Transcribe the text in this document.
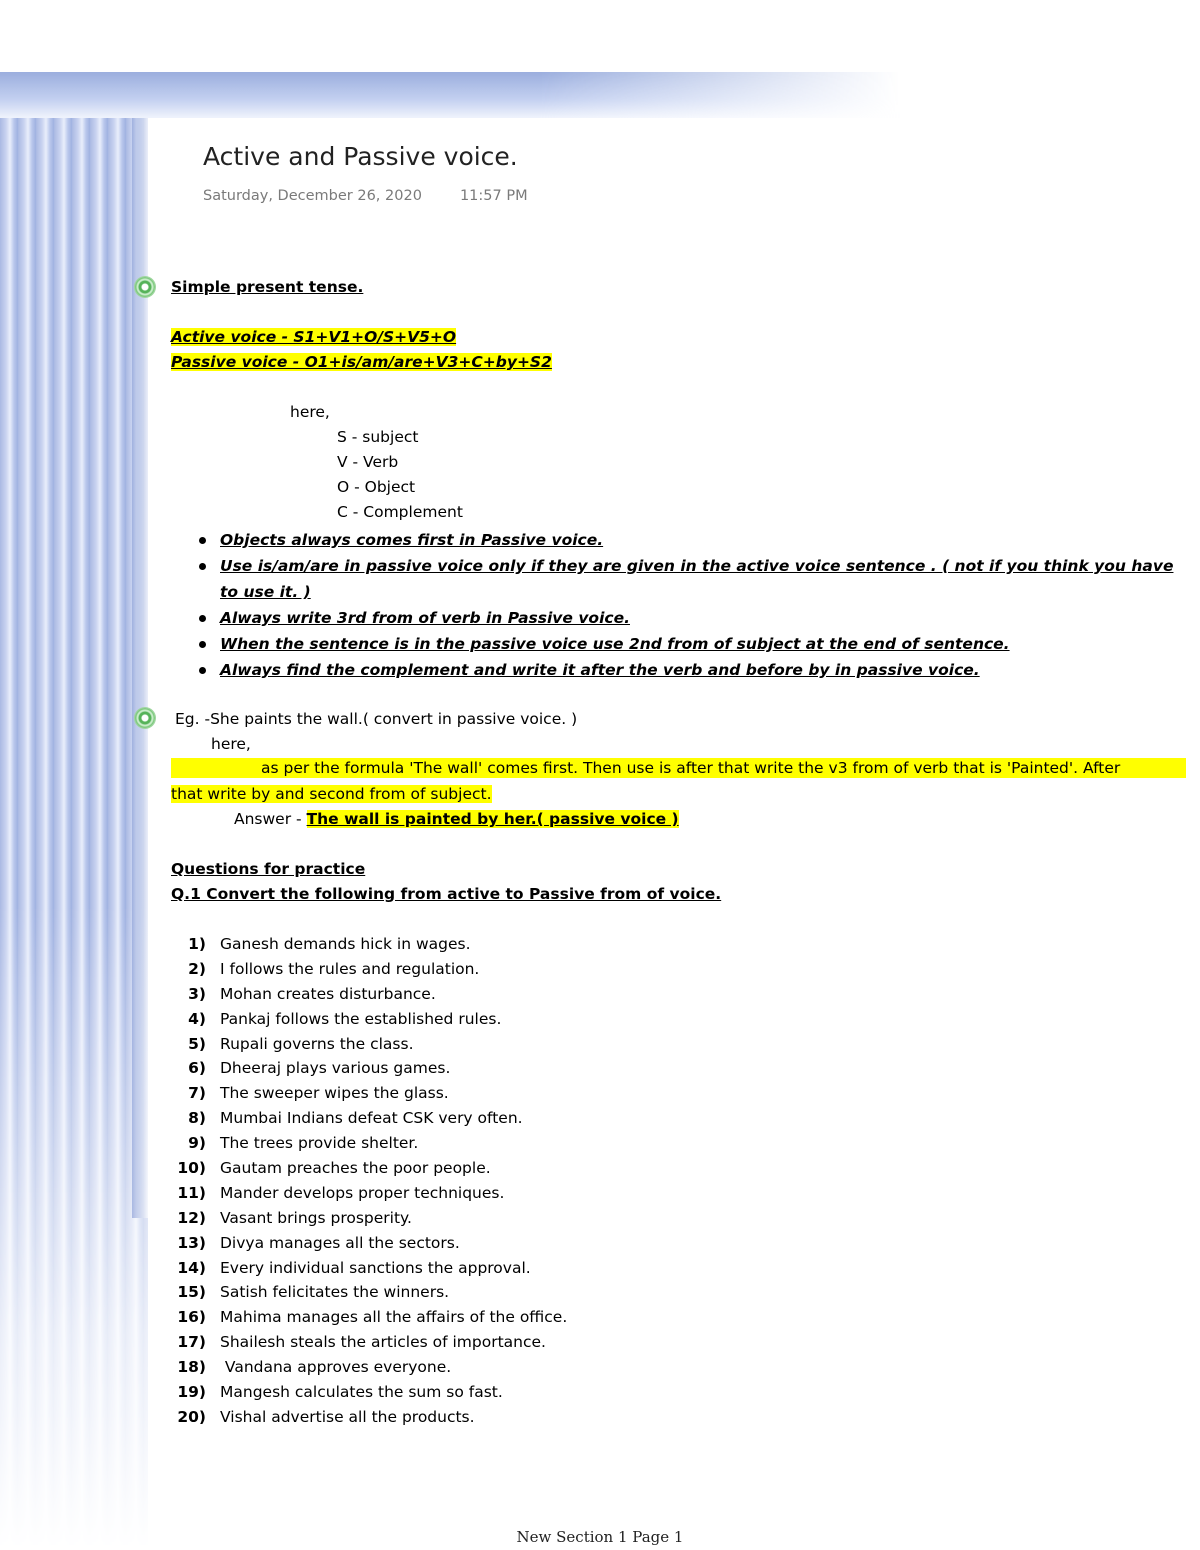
Active and Passive voice.
Saturday, December 26, 2020	11:57 PM
Simple present tense.
Active voice - S1+V1+O/S+V5+O
Passive voice - O1+is/am/are+V3+C+by+S2
here,
S - subject
V - Verb
O - Object
C - Complement
Objects always comes first in Passive voice.
Use is/am/are in passive voice only if they are given in the active voice sentence . ( not if you think you have
to use it. )
Always write 3rd from of verb in Passive voice.
When the sentence is in the passive voice use 2nd from of subject at the end of sentence.
Always find the complement and write it after the verb and before by in passive voice.
Eg. -She paints the wall.( convert in passive voice. )
here,
as per the formula 'The wall' comes first. Then use is after that write the v3 from of verb that is 'Painted'. After
that write by and second from of subject.
Answer - The wall is painted by her.( passive voice )
Questions for practice
Q.1 Convert the following from active to Passive from of voice.
1) Ganesh demands hick in wages.
2) I follows the rules and regulation.
3) Mohan creates disturbance.
4) Pankaj follows the established rules.
5) Rupali governs the class.
6) Dheeraj plays various games.
7) The sweeper wipes the glass.
8) Mumbai Indians defeat CSK very often.
9) The trees provide shelter.
10) Gautam preaches the poor people.
11) Mander develops proper techniques.
12) Vasant brings prosperity.
13) Divya manages all the sectors.
14) Every individual sanctions the approval.
15) Satish felicitates the winners.
16) Mahima manages all the affairs of the office.
17) Shailesh steals the articles of importance.
18) Vandana approves everyone.
19) Mangesh calculates the sum so fast.
20) Vishal advertise all the products.
New Section 1 Page 1
